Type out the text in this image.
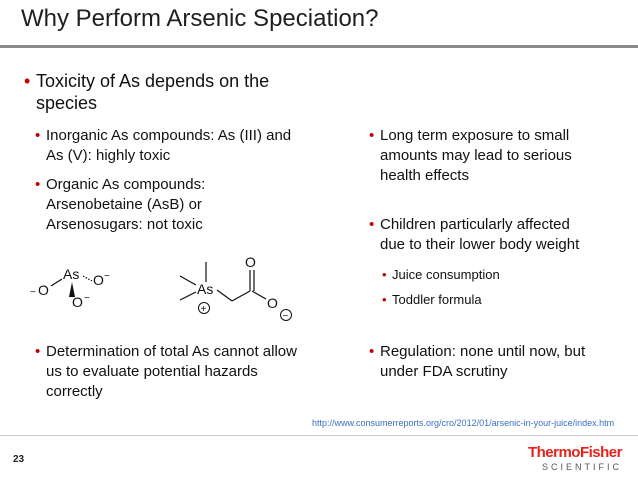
Why Perform Arsenic Speciation?
• Toxicity of As depends on the
species
• Inorganic As compounds: As (III) and
As (V): highly toxic
• Organic As compounds:
Arsenobetaine (AsB) or
Arsenosugars: not toxic
− O
As O −
O −
As
+
O
O
−
• Determination of total As cannot allow
us to evaluate potential hazards
correctly
• Long term exposure to small
amounts may lead to serious
health effects
• Children particularly affected
due to their lower body weight
• Juice consumption
• Toddler formula
• Regulation: none until now, but
under FDA scrutiny
http://www.consumerreports.org/cro/2012/01/arsenic-in-your-juice/index.htm
23	ThermoFisher
SCIENTIFIC
